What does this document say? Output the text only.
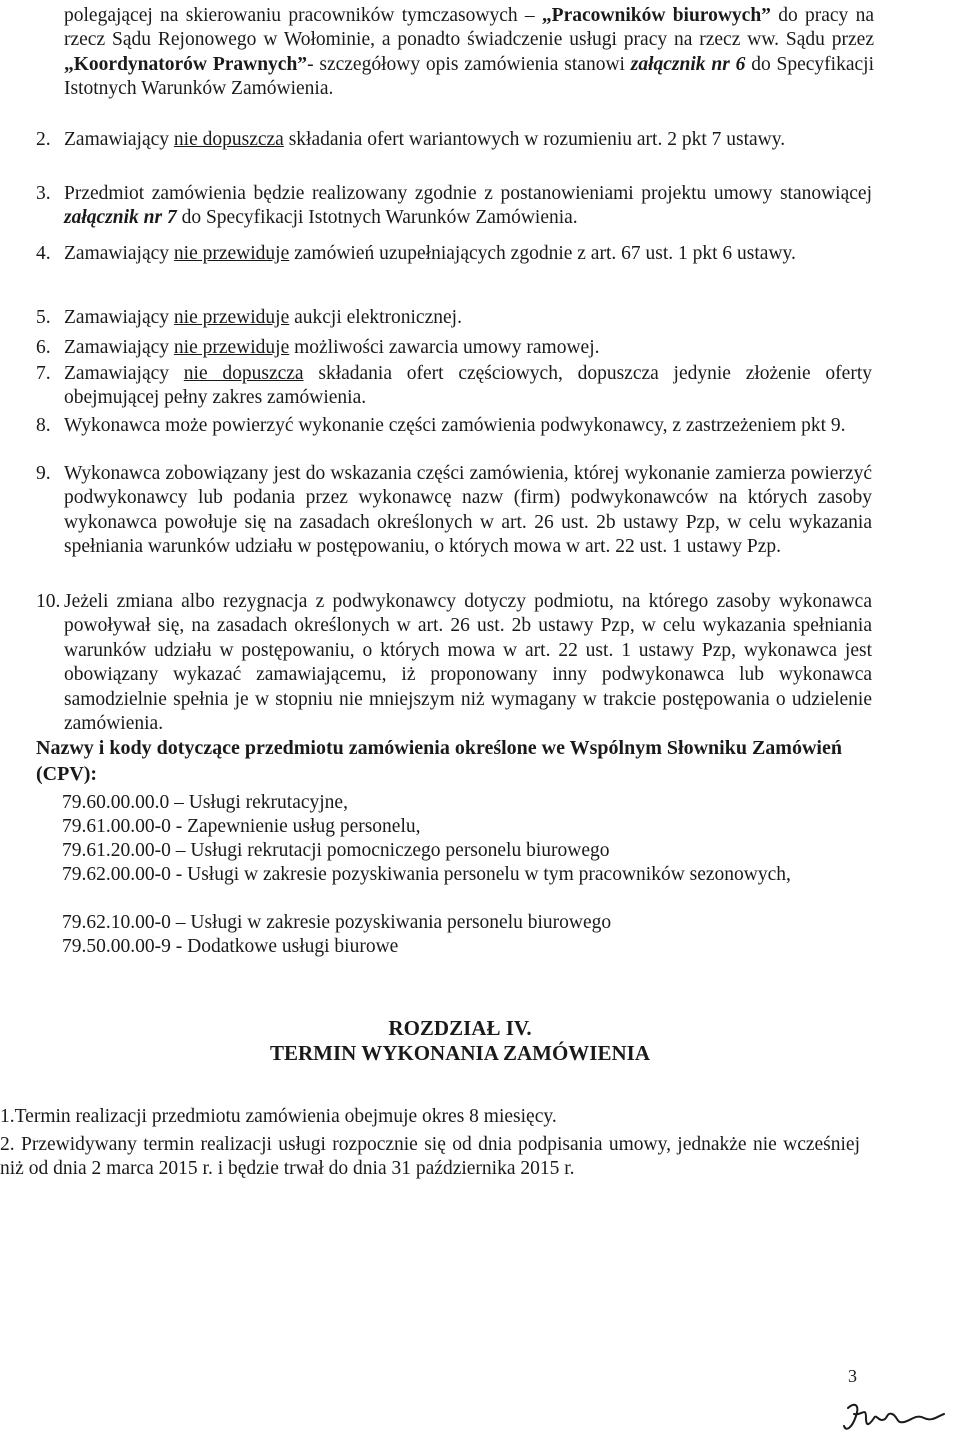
polegającej na skierowaniu pracowników tymczasowych – „Pracowników biurowych” do pracy na rzecz Sądu Rejonowego w Wołominie, a ponadto świadczenie usługi pracy na rzecz ww. Sądu przez „Koordynatorów Prawnych”- szczegółowy opis zamówienia stanowi załącznik nr 6 do Specyfikacji Istotnych Warunków Zamówienia.
2. Zamawiający nie dopuszcza składania ofert wariantowych w rozumieniu art. 2 pkt 7 ustawy.
3. Przedmiot zamówienia będzie realizowany zgodnie z postanowieniami projektu umowy stanowiącej załącznik nr 7 do Specyfikacji Istotnych Warunków Zamówienia.
4. Zamawiający nie przewiduje zamówień uzupełniających zgodnie z art. 67 ust. 1 pkt 6 ustawy.
5. Zamawiający nie przewiduje aukcji elektronicznej.
6. Zamawiający nie przewiduje możliwości zawarcia umowy ramowej.
7. Zamawiający nie dopuszcza składania ofert częściowych, dopuszcza jedynie złożenie oferty obejmującej pełny zakres zamówienia.
8. Wykonawca może powierzyć wykonanie części zamówienia podwykonawcy, z zastrzeżeniem pkt 9.
9. Wykonawca zobowiązany jest do wskazania części zamówienia, której wykonanie zamierza powierzyć podwykonawcy lub podania przez wykonawcę nazw (firm) podwykonawców na których zasoby wykonawca powołuje się na zasadach określonych w art. 26 ust. 2b ustawy Pzp, w celu wykazania spełniania warunków udziału w postępowaniu, o których mowa w art. 22 ust. 1 ustawy Pzp.
10. Jeżeli zmiana albo rezygnacja z podwykonawcy dotyczy podmiotu, na którego zasoby wykonawca powoływał się, na zasadach określonych w art. 26 ust. 2b ustawy Pzp, w celu wykazania spełniania warunków udziału w postępowaniu, o których mowa w art. 22 ust. 1 ustawy Pzp, wykonawca jest obowiązany wykazać zamawiającemu, iż proponowany inny podwykonawca lub wykonawca samodzielnie spełnia je w stopniu nie mniejszym niż wymagany w trakcie postępowania o udzielenie zamówienia.
Nazwy i kody dotyczące przedmiotu zamówienia określone we Wspólnym Słowniku Zamówień (CPV):
79.60.00.00.0 – Usługi rekrutacyjne,
79.61.00.00-0 - Zapewnienie usług personelu,
79.61.20.00-0 – Usługi rekrutacji pomocniczego personelu biurowego
79.62.00.00-0 - Usługi w zakresie pozyskiwania personelu w tym pracowników sezonowych,
79.62.10.00-0 – Usługi w zakresie pozyskiwania personelu biurowego
79.50.00.00-9 - Dodatkowe usługi biurowe
ROZDZIAŁ IV.
TERMIN WYKONANIA ZAMÓWIENIA
1.Termin realizacji przedmiotu zamówienia obejmuje okres 8 miesięcy.
2. Przewidywany termin realizacji usługi rozpocznie się od dnia podpisania umowy, jednakże nie wcześniej niż od dnia 2 marca 2015 r. i będzie trwał do dnia 31 października 2015 r.
3
